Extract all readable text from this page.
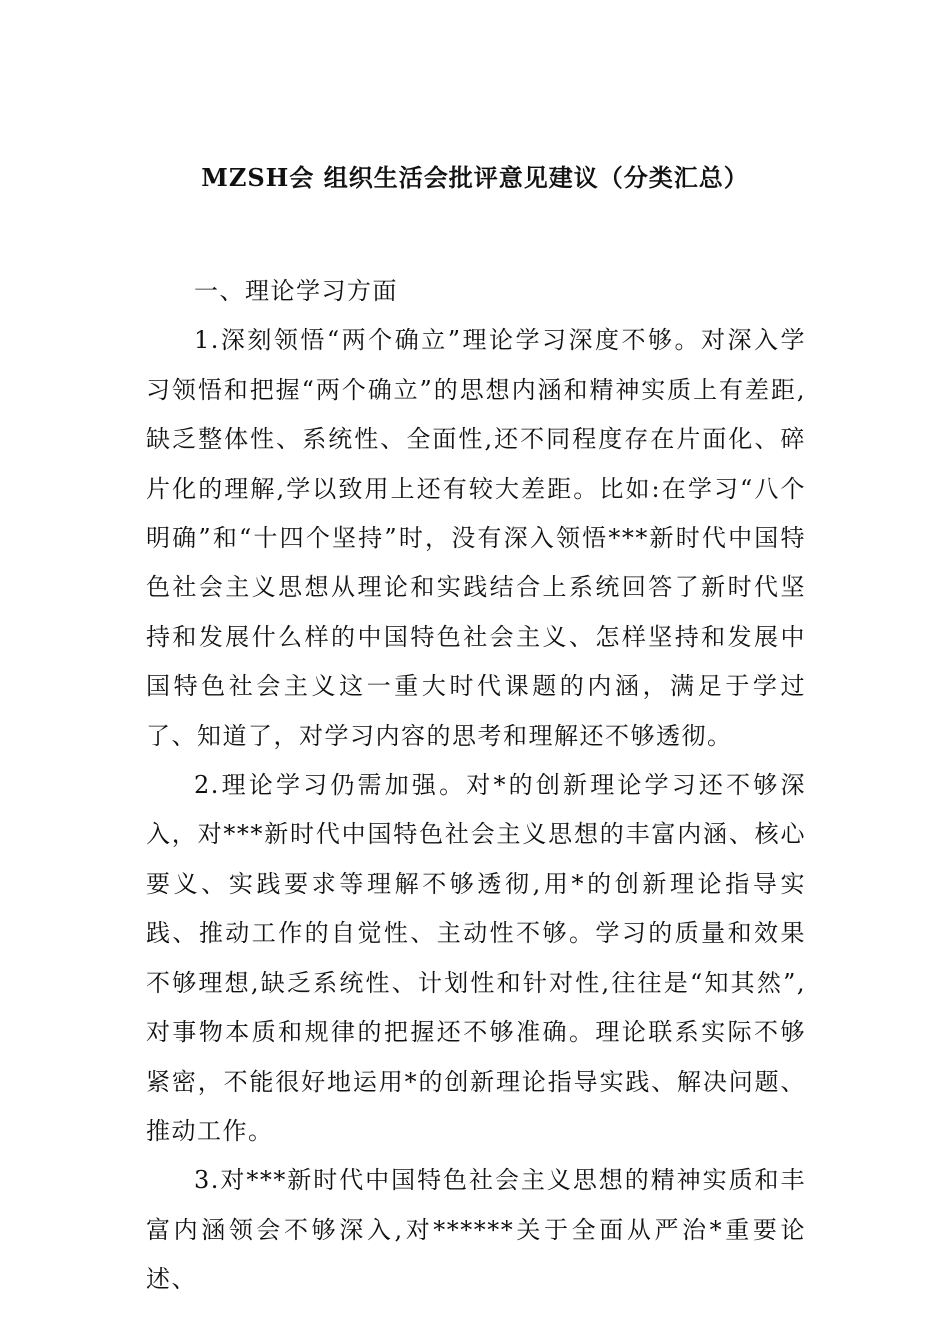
MZSH会 组织生活会批评意见建议（分类汇总）

一、理论学习方面

1.深刻领悟“两个确立”理论学习深度不够。对深入学习领悟和把握“两个确立”的思想内涵和精神实质上有差距,缺乏整体性、系统性、全面性,还不同程度存在片面化、碎片化的理解,学以致用上还有较大差距。比如:在学习“八个明确”和“十四个坚持”时，没有深入领悟***新时代中国特色社会主义思想从理论和实践结合上系统回答了新时代坚持和发展什么样的中国特色社会主义、怎样坚持和发展中国特色社会主义这一重大时代课题的内涵，满足于学过了、知道了，对学习内容的思考和理解还不够透彻。

2.理论学习仍需加强。对*的创新理论学习还不够深入，对***新时代中国特色社会主义思想的丰富内涵、核心要义、实践要求等理解不够透彻,用*的创新理论指导实践、推动工作的自觉性、主动性不够。学习的质量和效果不够理想,缺乏系统性、计划性和针对性,往往是“知其然”,对事物本质和规律的把握还不够准确。理论联系实际不够紧密，不能很好地运用*的创新理论指导实践、解决问题、推动工作。

3.对***新时代中国特色社会主义思想的精神实质和丰富内涵领会不够深入,对******关于全面从严治*重要论述、
